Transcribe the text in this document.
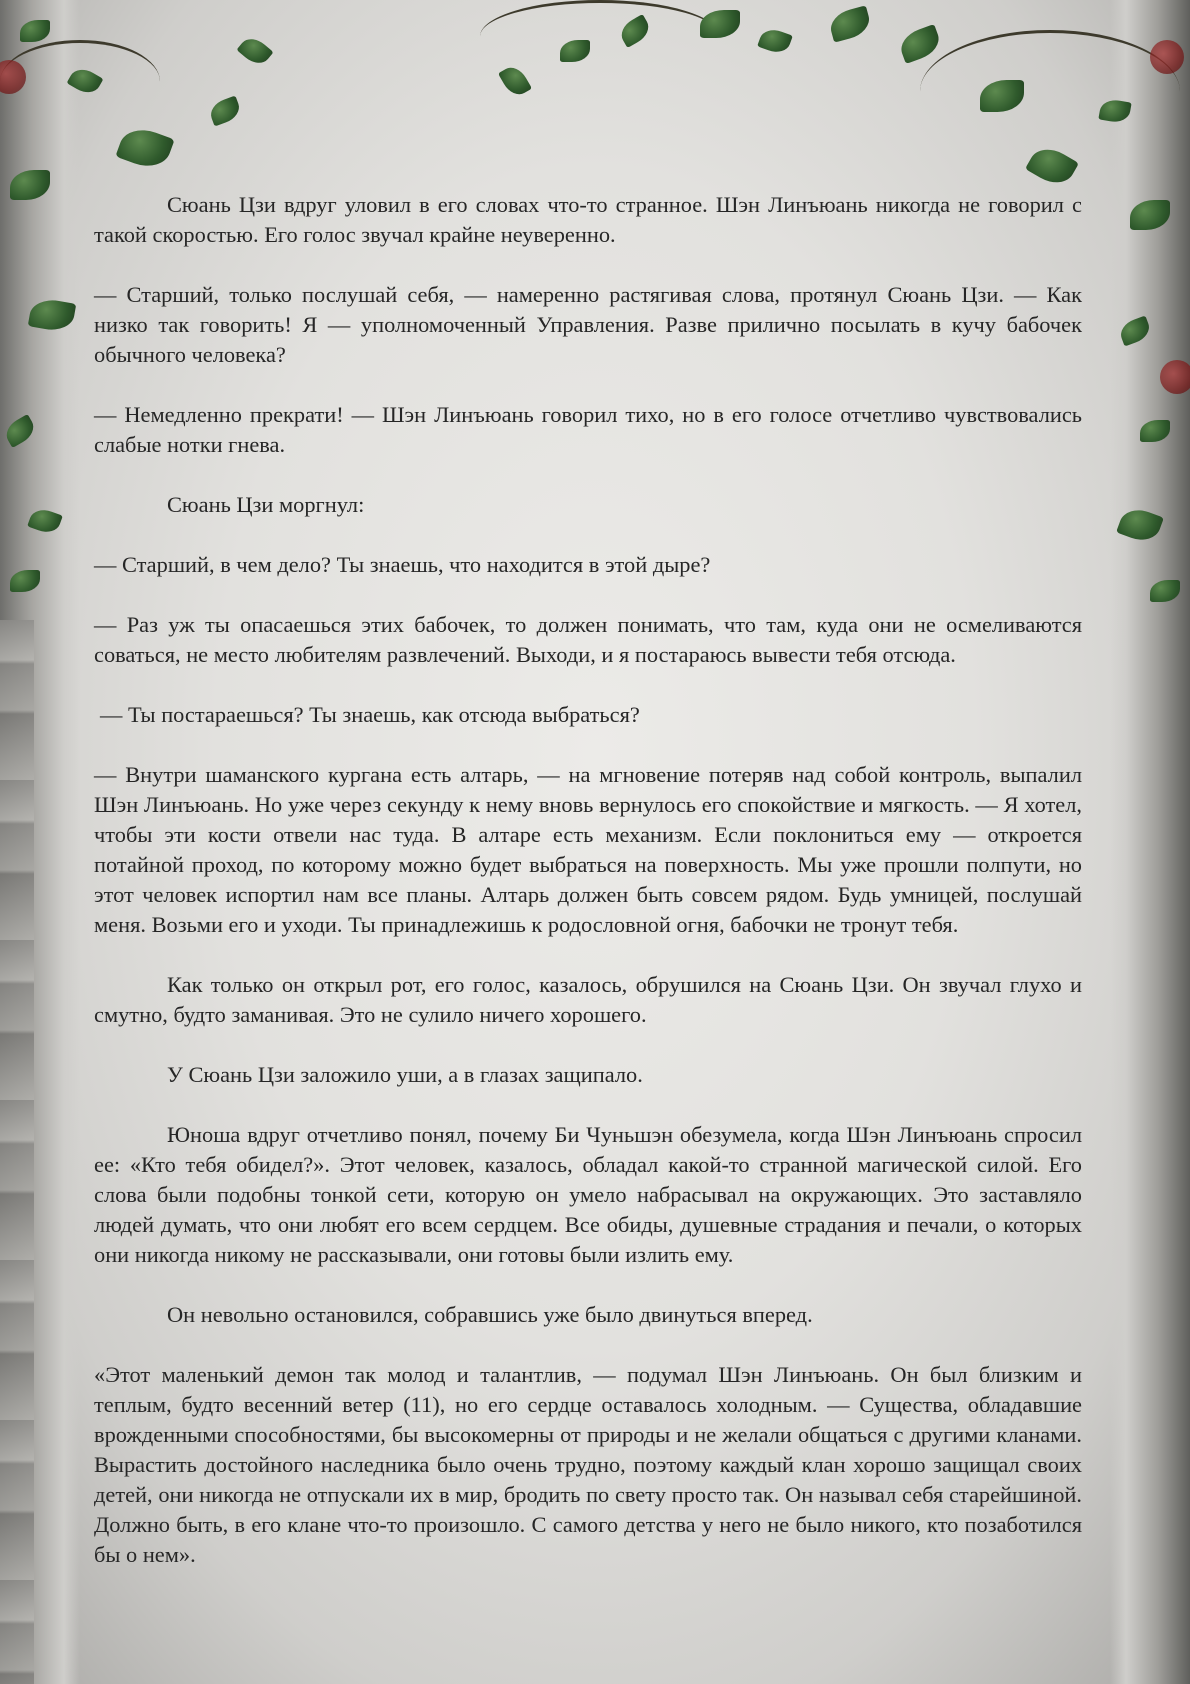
Сюань Цзи вдруг уловил в его словах что-то странное. Шэн Линъюань никогда не говорил с такой скоростью. Его голос звучал крайне неуверенно.

— Старший, только послушай себя, — намеренно растягивая слова, протянул Сюань Цзи. — Как низко так говорить! Я — уполномоченный Управления. Разве прилично посылать в кучу бабочек обычного человека?

— Немедленно прекрати! — Шэн Линъюань говорил тихо, но в его голосе отчетливо чувствовались слабые нотки гнева.

Сюань Цзи моргнул:

— Старший, в чем дело? Ты знаешь, что находится в этой дыре?

— Раз уж ты опасаешься этих бабочек, то должен понимать, что там, куда они не осмеливаются соваться, не место любителям развлечений. Выходи, и я постараюсь вывести тебя отсюда.

— Ты постараешься? Ты знаешь, как отсюда выбраться?

— Внутри шаманского кургана есть алтарь, — на мгновение потеряв над собой контроль, выпалил Шэн Линъюань. Но уже через секунду к нему вновь вернулось его спокойствие и мягкость. — Я хотел, чтобы эти кости отвели нас туда. В алтаре есть механизм. Если поклониться ему — откроется потайной проход, по которому можно будет выбраться на поверхность. Мы уже прошли полпути, но этот человек испортил нам все планы. Алтарь должен быть совсем рядом. Будь умницей, послушай меня. Возьми его и уходи. Ты принадлежишь к родословной огня, бабочки не тронут тебя.

Как только он открыл рот, его голос, казалось, обрушился на Сюань Цзи. Он звучал глухо и смутно, будто заманивая. Это не сулило ничего хорошего.

У Сюань Цзи заложило уши, а в глазах защипало.

Юноша вдруг отчетливо понял, почему Би Чуньшэн обезумела, когда Шэн Линъюань спросил ее: «Кто тебя обидел?». Этот человек, казалось, обладал какой-то странной магической силой. Его слова были подобны тонкой сети, которую он умело набрасывал на окружающих. Это заставляло людей думать, что они любят его всем сердцем. Все обиды, душевные страдания и печали, о которых они никогда никому не рассказывали, они готовы были излить ему.

Он невольно остановился, собравшись уже было двинуться вперед.

«Этот маленький демон так молод и талантлив, — подумал Шэн Линъюань. Он был близким и теплым, будто весенний ветер (11), но его сердце оставалось холодным. — Существа, обладавшие врожденными способностями, бы высокомерны от природы и не желали общаться с другими кланами. Вырастить достойного наследника было очень трудно, поэтому каждый клан хорошо защищал своих детей, они никогда не отпускали их в мир, бродить по свету просто так. Он называл себя старейшиной. Должно быть, в его клане что-то произошло. С самого детства у него не было никого, кто позаботился бы о нем».
